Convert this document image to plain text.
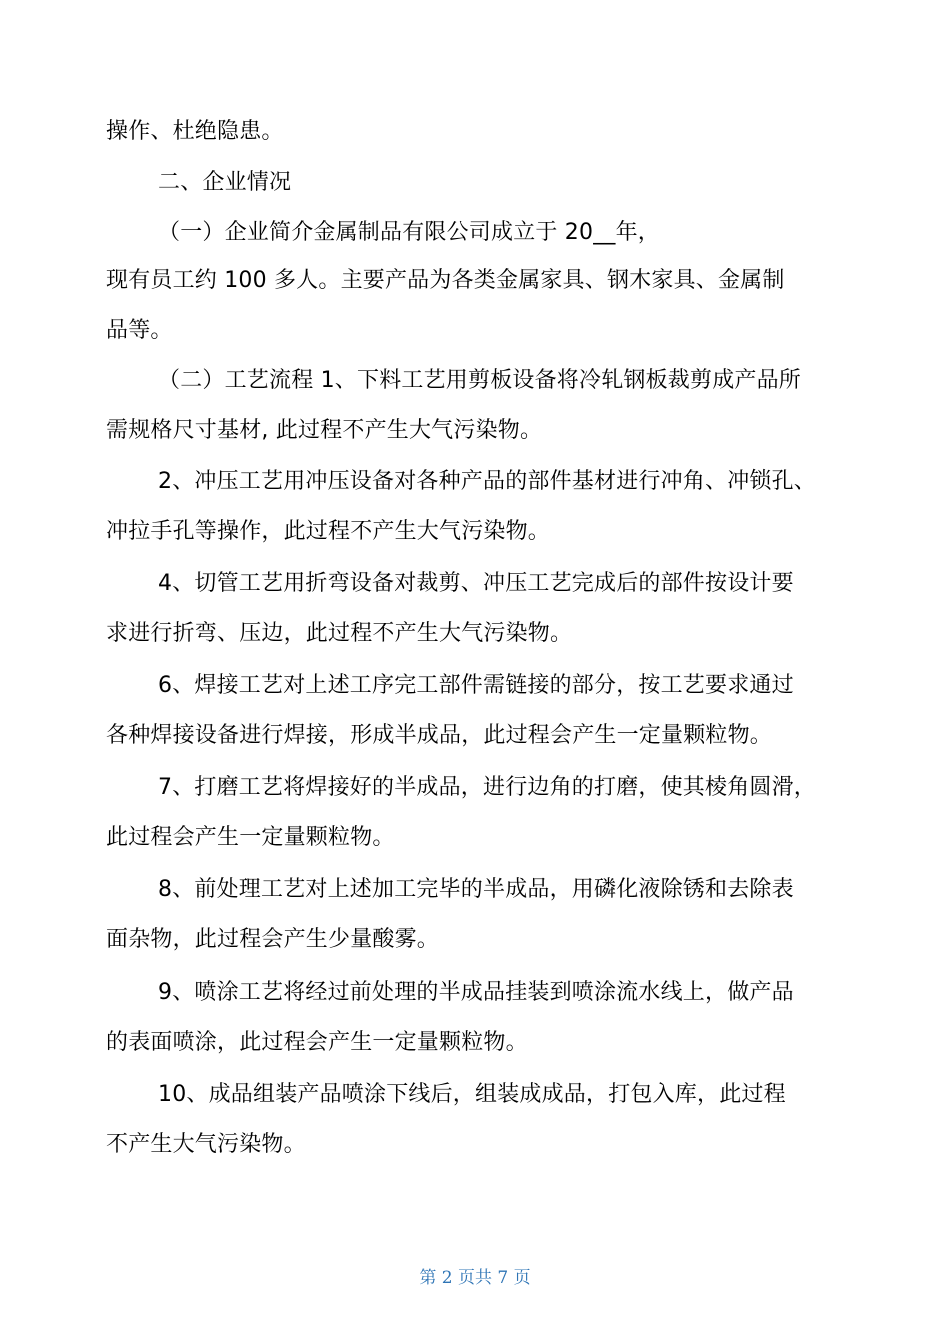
操作、杜绝隐患。
二、企业情况
（一）企业简介金属制品有限公司成立于 20__年，
现有员工约 100 多人。主要产品为各类金属家具、钢木家具、金属制
品等。
（二）工艺流程 1、下料工艺用剪板设备将冷轧钢板裁剪成产品所
需规格尺寸基材, 此过程不产生大气污染物。
2、冲压工艺用冲压设备对各种产品的部件基材进行冲角、冲锁孔、
冲拉手孔等操作，此过程不产生大气污染物。
4、切管工艺用折弯设备对裁剪、冲压工艺完成后的部件按设计要
求进行折弯、压边，此过程不产生大气污染物。
6、焊接工艺对上述工序完工部件需链接的部分，按工艺要求通过
各种焊接设备进行焊接，形成半成品，此过程会产生一定量颗粒物。
7、打磨工艺将焊接好的半成品，进行边角的打磨，使其棱角圆滑，
此过程会产生一定量颗粒物。
8、前处理工艺对上述加工完毕的半成品，用磷化液除锈和去除表
面杂物，此过程会产生少量酸雾。
9、喷涂工艺将经过前处理的半成品挂装到喷涂流水线上，做产品
的表面喷涂，此过程会产生一定量颗粒物。
10、成品组装产品喷涂下线后，组装成成品，打包入库，此过程
不产生大气污染物。
第 2 页共 7 页
